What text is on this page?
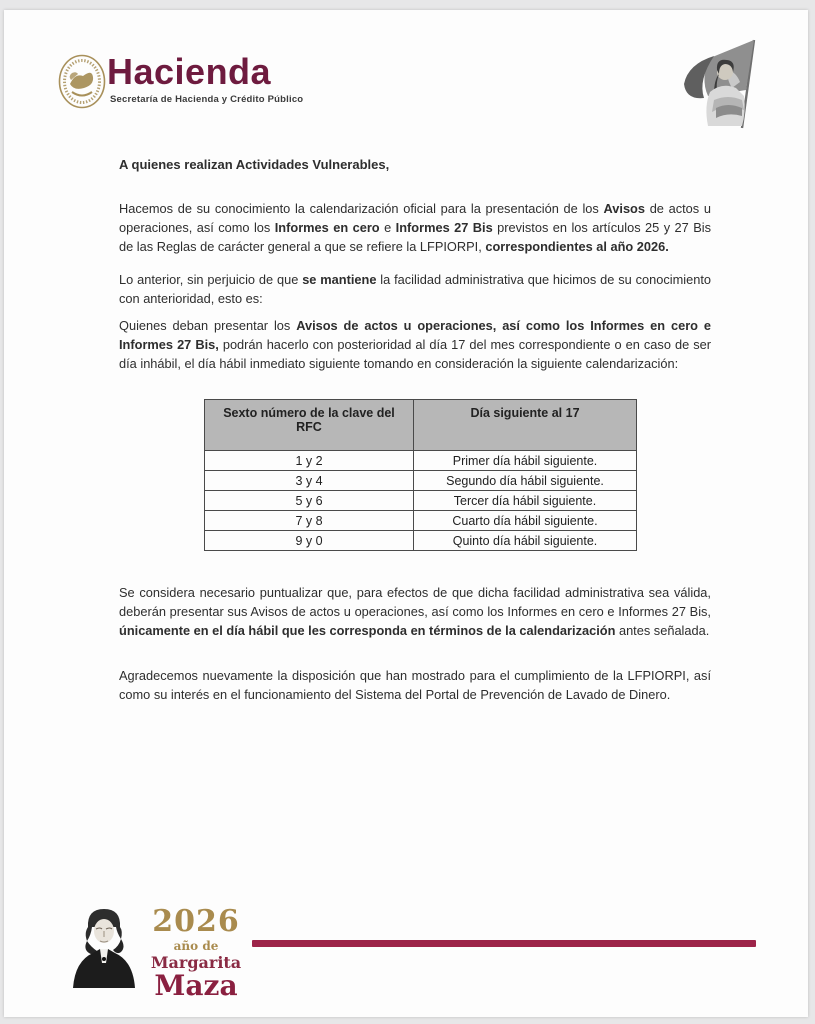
Hacienda
Secretaría de Hacienda y Crédito Público
A quienes realizan Actividades Vulnerables,

Hacemos de su conocimiento la calendarización oficial para la presentación de los Avisos de actos u operaciones, así como los Informes en cero e Informes 27 Bis previstos en los artículos 25 y 27 Bis de las Reglas de carácter general a que se refiere la LFPIORPI, correspondientes al año 2026.

Lo anterior, sin perjuicio de que se mantiene la facilidad administrativa que hicimos de su conocimiento con anterioridad, esto es:

Quienes deban presentar los Avisos de actos u operaciones, así como los Informes en cero e Informes 27 Bis, podrán hacerlo con posterioridad al día 17 del mes correspondiente o en caso de ser día inhábil, el día hábil inmediato siguiente tomando en consideración la siguiente calendarización:

Sexto número de la clave del RFC	Día siguiente al 17
1 y 2	Primer día hábil siguiente.
3 y 4	Segundo día hábil siguiente.
5 y 6	Tercer día hábil siguiente.
7 y 8	Cuarto día hábil siguiente.
9 y 0	Quinto día hábil siguiente.

Se considera necesario puntualizar que, para efectos de que dicha facilidad administrativa sea válida, deberán presentar sus Avisos de actos u operaciones, así como los Informes en cero e Informes 27 Bis, únicamente en el día hábil que les corresponda en términos de la calendarización antes señalada.

Agradecemos nuevamente la disposición que han mostrado para el cumplimiento de la LFPIORPI, así como su interés en el funcionamiento del Sistema del Portal de Prevención de Lavado de Dinero.

2026
año de
Margarita
Maza
